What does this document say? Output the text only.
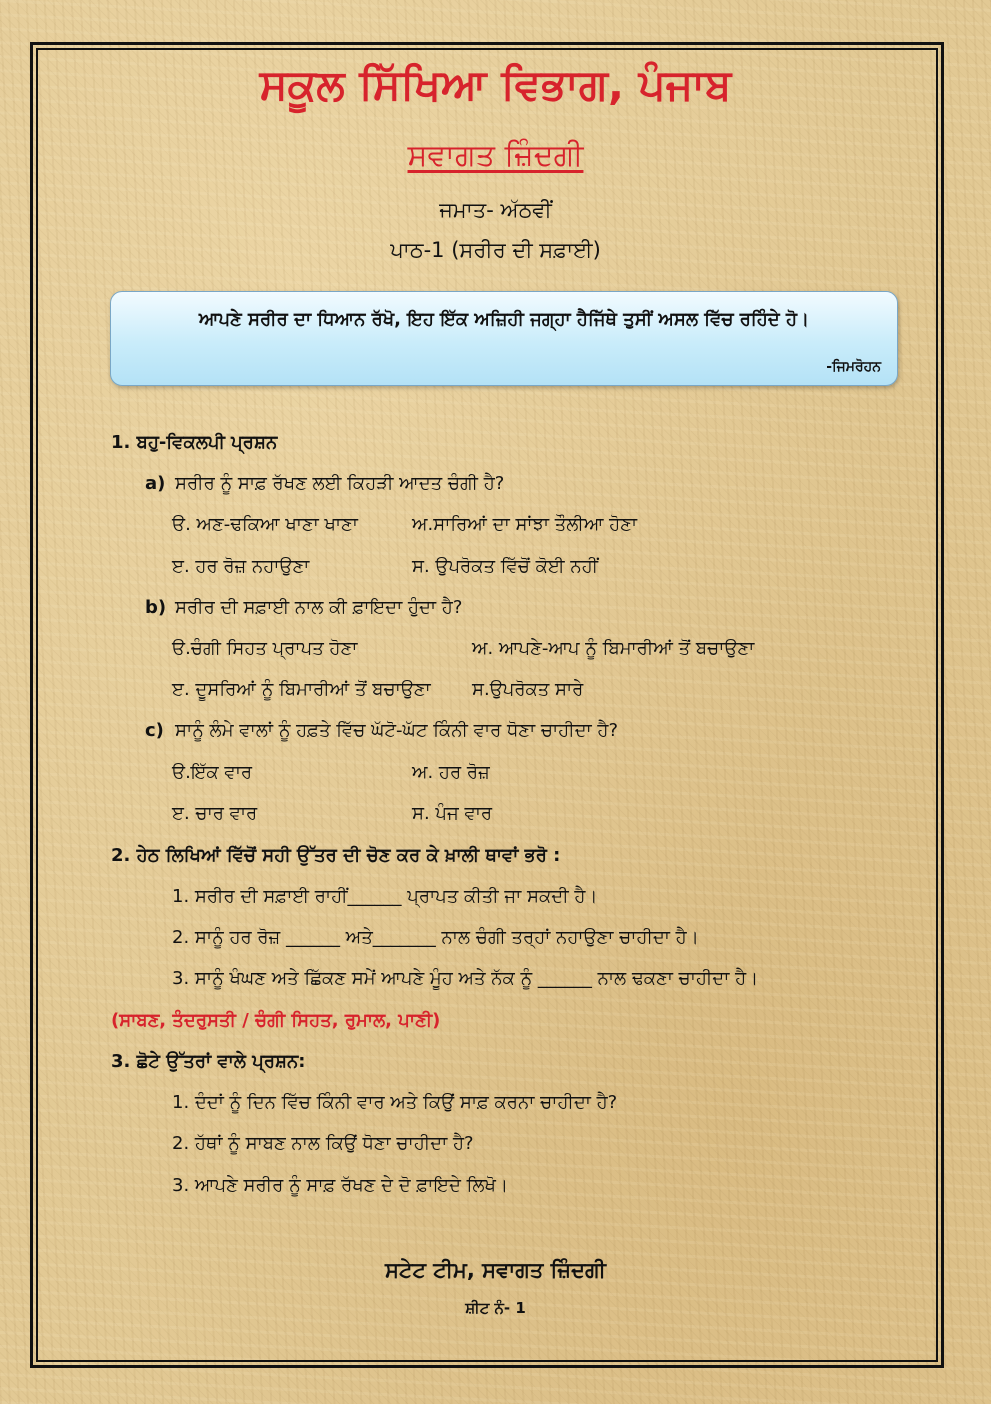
ਸਕੂਲ ਸਿੱਖਿਆ ਵਿਭਾਗ, ਪੰਜਾਬ
ਸਵਾਗਤ ਜ਼ਿੰਦਗੀ
ਜਮਾਤ- ਅੱਠਵੀਂ
ਪਾਠ-1 (ਸਰੀਰ ਦੀ ਸਫ਼ਾਈ)
ਆਪਣੇ ਸਰੀਰ ਦਾ ਧਿਆਨ ਰੱਖੋ, ਇਹ ਇੱਕ ਅਜ਼ਿਹੀ ਜਗ੍ਹਾ ਹੈਜਿੱਥੇ ਤੁਸੀਂ ਅਸਲ ਵਿੱਚ ਰਹਿੰਦੇ ਹੋ।
-ਜਿਮਰੋਹਨ
1. ਬਹੁ-ਵਿਕਲਪੀ ਪ੍ਰਸ਼ਨ
a) ਸਰੀਰ ਨੂੰ ਸਾਫ਼ ਰੱਖਣ ਲਈ ਕਿਹੜੀ ਆਦਤ ਚੰਗੀ ਹੈ?
ੳ. ਅਣ-ਢਕਿਆ ਖਾਣਾ ਖਾਣਾ	ਅ.ਸਾਰਿਆਂ ਦਾ ਸਾਂਝਾ ਤੌਲੀਆ ਹੋਣਾ
ੲ. ਹਰ ਰੋਜ਼ ਨਹਾਉਣਾ	ਸ. ਉਪਰੋਕਤ ਵਿੱਚੋਂ ਕੋਈ ਨਹੀਂ
b) ਸਰੀਰ ਦੀ ਸਫ਼ਾਈ ਨਾਲ ਕੀ ਫ਼ਾਇਦਾ ਹੁੰਦਾ ਹੈ?
ੳ.ਚੰਗੀ ਸਿਹਤ ਪ੍ਰਾਪਤ ਹੋਣਾ	ਅ. ਆਪਣੇ-ਆਪ ਨੂੰ ਬਿਮਾਰੀਆਂ ਤੋਂ ਬਚਾਉਣਾ
ੲ. ਦੂਸਰਿਆਂ ਨੂੰ ਬਿਮਾਰੀਆਂ ਤੋਂ ਬਚਾਉਣਾ ਸ.ਉਪਰੋਕਤ ਸਾਰੇ
c) ਸਾਨੂੰ ਲੰਮੇ ਵਾਲਾਂ ਨੂੰ ਹਫ਼ਤੇ ਵਿੱਚ ਘੱਟੋ-ਘੱਟ ਕਿੰਨੀ ਵਾਰ ਧੋਣਾ ਚਾਹੀਦਾ ਹੈ?
ੳ.ਇੱਕ ਵਾਰ	ਅ. ਹਰ ਰੋਜ਼
ੲ. ਚਾਰ ਵਾਰ	ਸ. ਪੰਜ ਵਾਰ
2. ਹੇਠ ਲਿਖਿਆਂ ਵਿੱਚੋਂ ਸਹੀ ਉੱਤਰ ਦੀ ਚੋਣ ਕਰ ਕੇ ਖ਼ਾਲੀ ਥਾਵਾਂ ਭਰੋ :
1. ਸਰੀਰ ਦੀ ਸਫ਼ਾਈ ਰਾਹੀਂ______ ਪ੍ਰਾਪਤ ਕੀਤੀ ਜਾ ਸਕਦੀ ਹੈ।
2. ਸਾਨੂੰ ਹਰ ਰੋਜ਼ ______ ਅਤੇ_______ ਨਾਲ ਚੰਗੀ ਤਰ੍ਹਾਂ ਨਹਾਉਣਾ ਚਾਹੀਦਾ ਹੈ।
3. ਸਾਨੂੰ ਖੰਘਣ ਅਤੇ ਛਿੱਕਣ ਸਮੇਂ ਆਪਣੇ ਮੂੰਹ ਅਤੇ ਨੱਕ ਨੂੰ ______ ਨਾਲ ਢਕਣਾ ਚਾਹੀਦਾ ਹੈ।
(ਸਾਬਣ, ਤੰਦਰੁਸਤੀ / ਚੰਗੀ ਸਿਹਤ, ਰੁਮਾਲ, ਪਾਣੀ)
3. ਛੋਟੇ ਉੱਤਰਾਂ ਵਾਲੇ ਪ੍ਰਸ਼ਨ:
1. ਦੰਦਾਂ ਨੂੰ ਦਿਨ ਵਿੱਚ ਕਿੰਨੀ ਵਾਰ ਅਤੇ ਕਿਉਂ ਸਾਫ਼ ਕਰਨਾ ਚਾਹੀਦਾ ਹੈ?
2. ਹੱਥਾਂ ਨੂੰ ਸਾਬਣ ਨਾਲ ਕਿਉਂ ਧੋਣਾ ਚਾਹੀਦਾ ਹੈ?
3. ਆਪਣੇ ਸਰੀਰ ਨੂੰ ਸਾਫ਼ ਰੱਖਣ ਦੇ ਦੋ ਫ਼ਾਇਦੇ ਲਿਖੋ।
ਸਟੇਟ ਟੀਮ, ਸਵਾਗਤ ਜ਼ਿੰਦਗੀ
ਸ਼ੀਟ ਨੰ- 1
